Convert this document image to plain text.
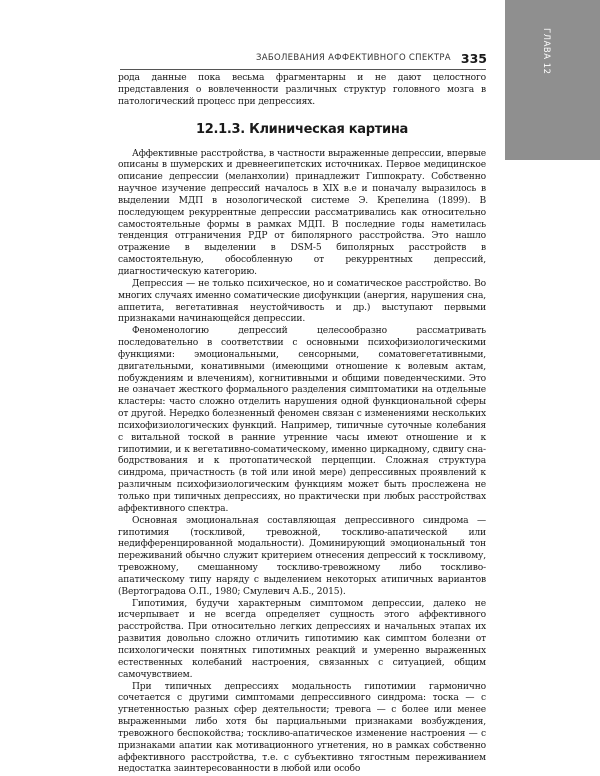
ГЛАВА 12
ЗАБОЛЕВАНИЯ АФФЕКТИВНОГО СПЕКТРА 335

рода данные пока весьма фрагментарны и не дают целостного представления о вовлеченности различных структур головного мозга в патологический процесс при депрессиях.

12.1.3. Клиническая картина

Аффективные расстройства, в частности выраженные депрессии, впервые описаны в шумерских и древнеегипетских источниках. Первое медицинское описание депрессии (меланхолии) принадлежит Гиппократу. Собственно научное изучение депрессий началось в XIX в.е и поначалу выразилось в выделении МДП в нозологической системе Э. Крепелина (1899). В последующем рекуррентные депрессии рассматривались как относительно самостоятельные формы в рамках МДП. В последние годы наметилась тенденция отграничения РДР от биполярного расстройства. Это нашло отражение в выделении в DSM-5 биполярных расстройств в самостоятельную, обособленную от рекуррентных депрессий, диагностическую категорию.

Депрессия — не только психическое, но и соматическое расстройство. Во многих случаях именно соматические дисфункции (анергия, нарушения сна, аппетита, вегетативная неустойчивость и др.) выступают первыми признаками начинающейся депрессии.

Феноменологию депрессий целесообразно рассматривать последовательно в соответствии с основными психофизиологическими функциями: эмоциональными, сенсорными, соматовегетативными, двигательными, конативными (имеющими отношение к волевым актам, побуждениям и влечениям), когнитивными и общими поведенческими. Это не означает жесткого формального разделения симптоматики на отдельные кластеры: часто сложно отделить нарушения одной функциональной сферы от другой. Нередко болезненный феномен связан с изменениями нескольких психофизиологических функций. Например, типичные суточные колебания с витальной тоской в ранние утренние часы имеют отношение и к гипотимии, и к вегетативно-соматическому, именно циркадному, сдвигу сна-бодрствования и к протопатической перцепции. Сложная структура синдрома, причастность (в той или иной мере) депрессивных проявлений к различным психофизиологическим функциям может быть прослежена не только при типичных депрессиях, но практически при любых расстройствах аффективного спектра.

Основная эмоциональная составляющая депрессивного синдрома — гипотимия (тоскливой, тревожной, тоскливо-апатической или недифференцированной модальности). Доминирующий эмоциональный тон переживаний обычно служит критерием отнесения депрессий к тоскливому, тревожному, смешанному тоскливо-тревожному либо тоскливо-апатическому типу наряду с выделением некоторых атипичных вариантов (Вертоградова О.П., 1980; Смулевич А.Б., 2015).

Гипотимия, будучи характерным симптомом депрессии, далеко не исчерпывает и не всегда определяет сущность этого аффективного расстройства. При относительно легких депрессиях и начальных этапах их развития довольно сложно отличить гипотимию как симптом болезни от психологически понятных гипотимных реакций и умеренно выраженных естественных колебаний настроения, связанных с ситуацией, общим самочувствием.

При типичных депрессиях модальность гипотимии гармонично сочетается с другими симптомами депрессивного синдрома: тоска — с угнетенностью разных сфер деятельности; тревога — с более или менее выраженными либо хотя бы парциальными признаками возбуждения, тревожного беспокойства; тоскливо-апатическое изменение настроения — с признаками апатии как мотивационного угнетения, но в рамках собственно аффективного расстройства, т.е. с субъективно тягостным переживанием недостатка заинтересованности в любой или особо
